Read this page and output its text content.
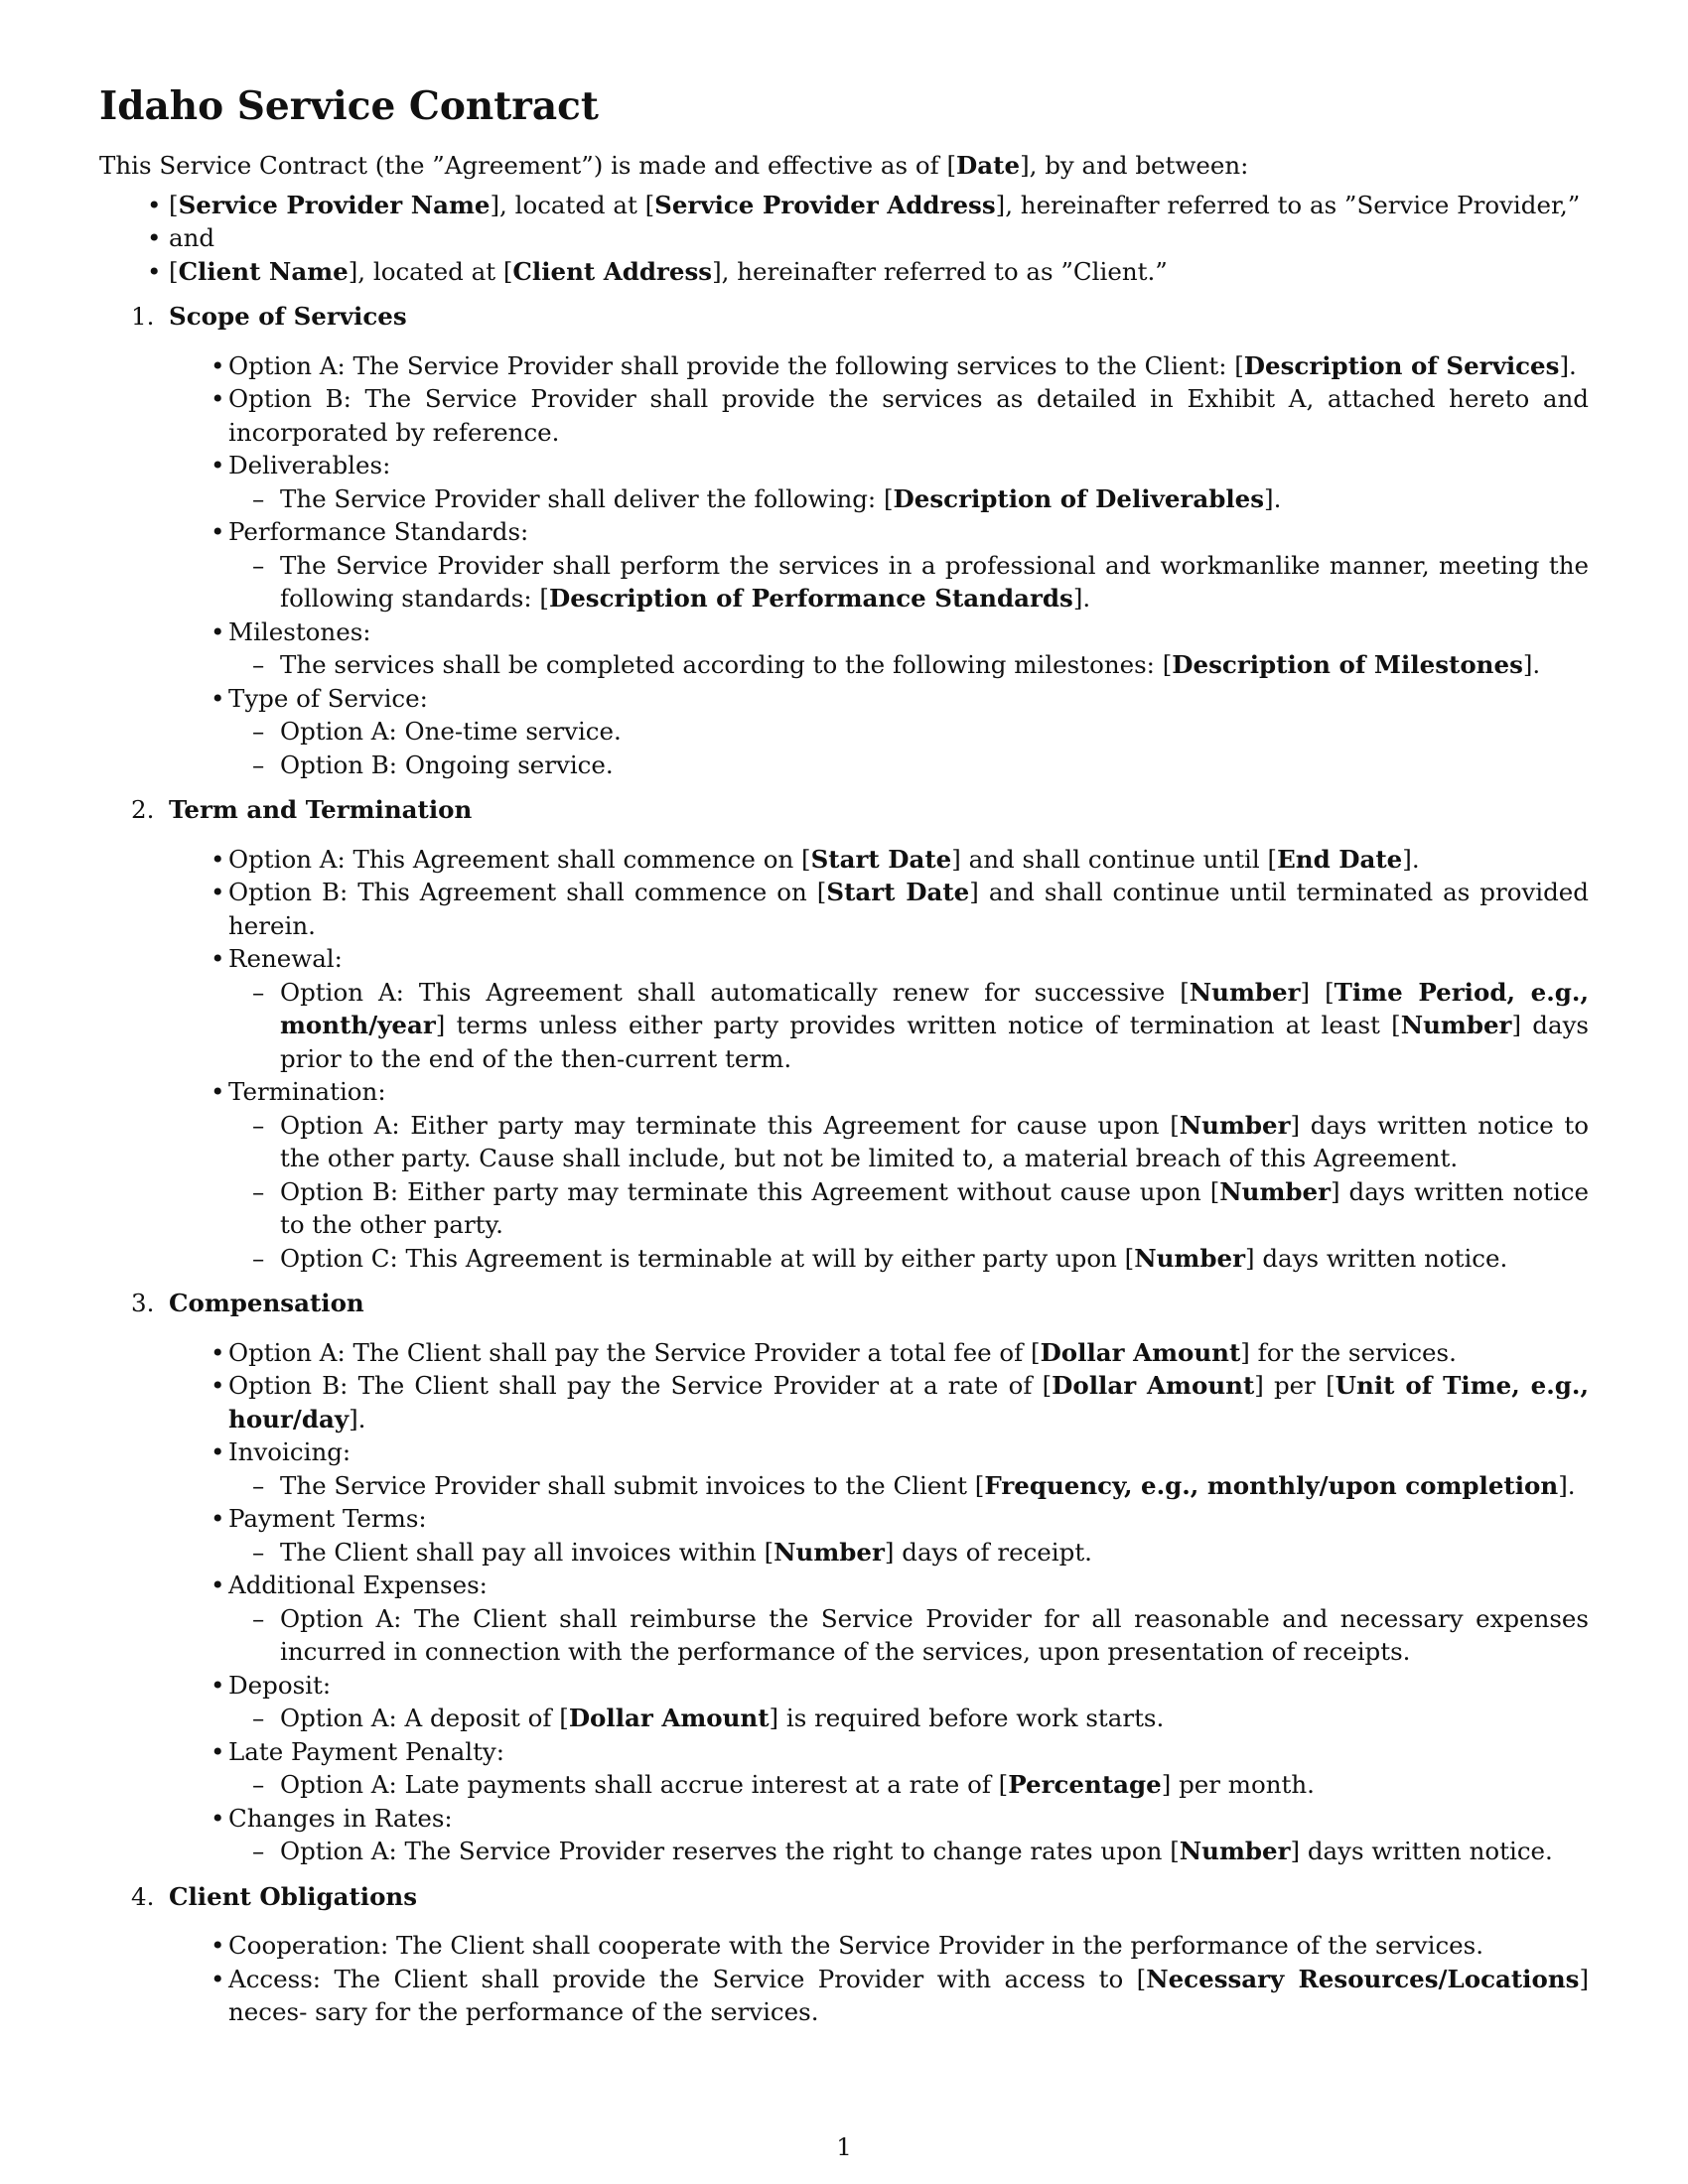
Idaho Service Contract

This Service Contract (the ”Agreement”) is made and effective as of [Date], by and between:

• [Service Provider Name], located at [Service Provider Address], hereinafter referred to as ”Service Provider,”
• and
• [Client Name], located at [Client Address], hereinafter referred to as ”Client.”
1. Scope of Services
• Option A: The Service Provider shall provide the following services to the Client: [Description of Services].
• Option B: The Service Provider shall provide the services as detailed in Exhibit A, attached hereto and incorporated by reference.
• Deliverables:
– The Service Provider shall deliver the following: [Description of Deliverables].
• Performance Standards:
– The Service Provider shall perform the services in a professional and workmanlike manner, meeting the following standards: [Description of Performance Standards].
• Milestones:
– The services shall be completed according to the following milestones: [Description of Milestones].
• Type of Service:
– Option A: One-time service.
– Option B: Ongoing service.
2. Term and Termination
• Option A: This Agreement shall commence on [Start Date] and shall continue until [End Date].
• Option B: This Agreement shall commence on [Start Date] and shall continue until terminated as provided herein.
• Renewal:
– Option A: This Agreement shall automatically renew for successive [Number] [Time Period, e.g., month/year] terms unless either party provides written notice of termination at least [Number] days prior to the end of the then-current term.
• Termination:
– Option A: Either party may terminate this Agreement for cause upon [Number] days written notice to the other party. Cause shall include, but not be limited to, a material breach of this Agreement.
– Option B: Either party may terminate this Agreement without cause upon [Number] days written notice to the other party.
– Option C: This Agreement is terminable at will by either party upon [Number] days written notice.
3. Compensation
• Option A: The Client shall pay the Service Provider a total fee of [Dollar Amount] for the services.
• Option B: The Client shall pay the Service Provider at a rate of [Dollar Amount] per [Unit of Time, e.g., hour/day].
• Invoicing:
– The Service Provider shall submit invoices to the Client [Frequency, e.g., monthly/upon completion].
• Payment Terms:
– The Client shall pay all invoices within [Number] days of receipt.
• Additional Expenses:
– Option A: The Client shall reimburse the Service Provider for all reasonable and necessary expenses incurred in connection with the performance of the services, upon presentation of receipts.
• Deposit:
– Option A: A deposit of [Dollar Amount] is required before work starts.
• Late Payment Penalty:
– Option A: Late payments shall accrue interest at a rate of [Percentage] per month.
• Changes in Rates:
– Option A: The Service Provider reserves the right to change rates upon [Number] days written notice.
4. Client Obligations
• Cooperation: The Client shall cooperate with the Service Provider in the performance of the services.
• Access: The Client shall provide the Service Provider with access to [Necessary Resources/Locations] neces- sary for the performance of the services.
1
